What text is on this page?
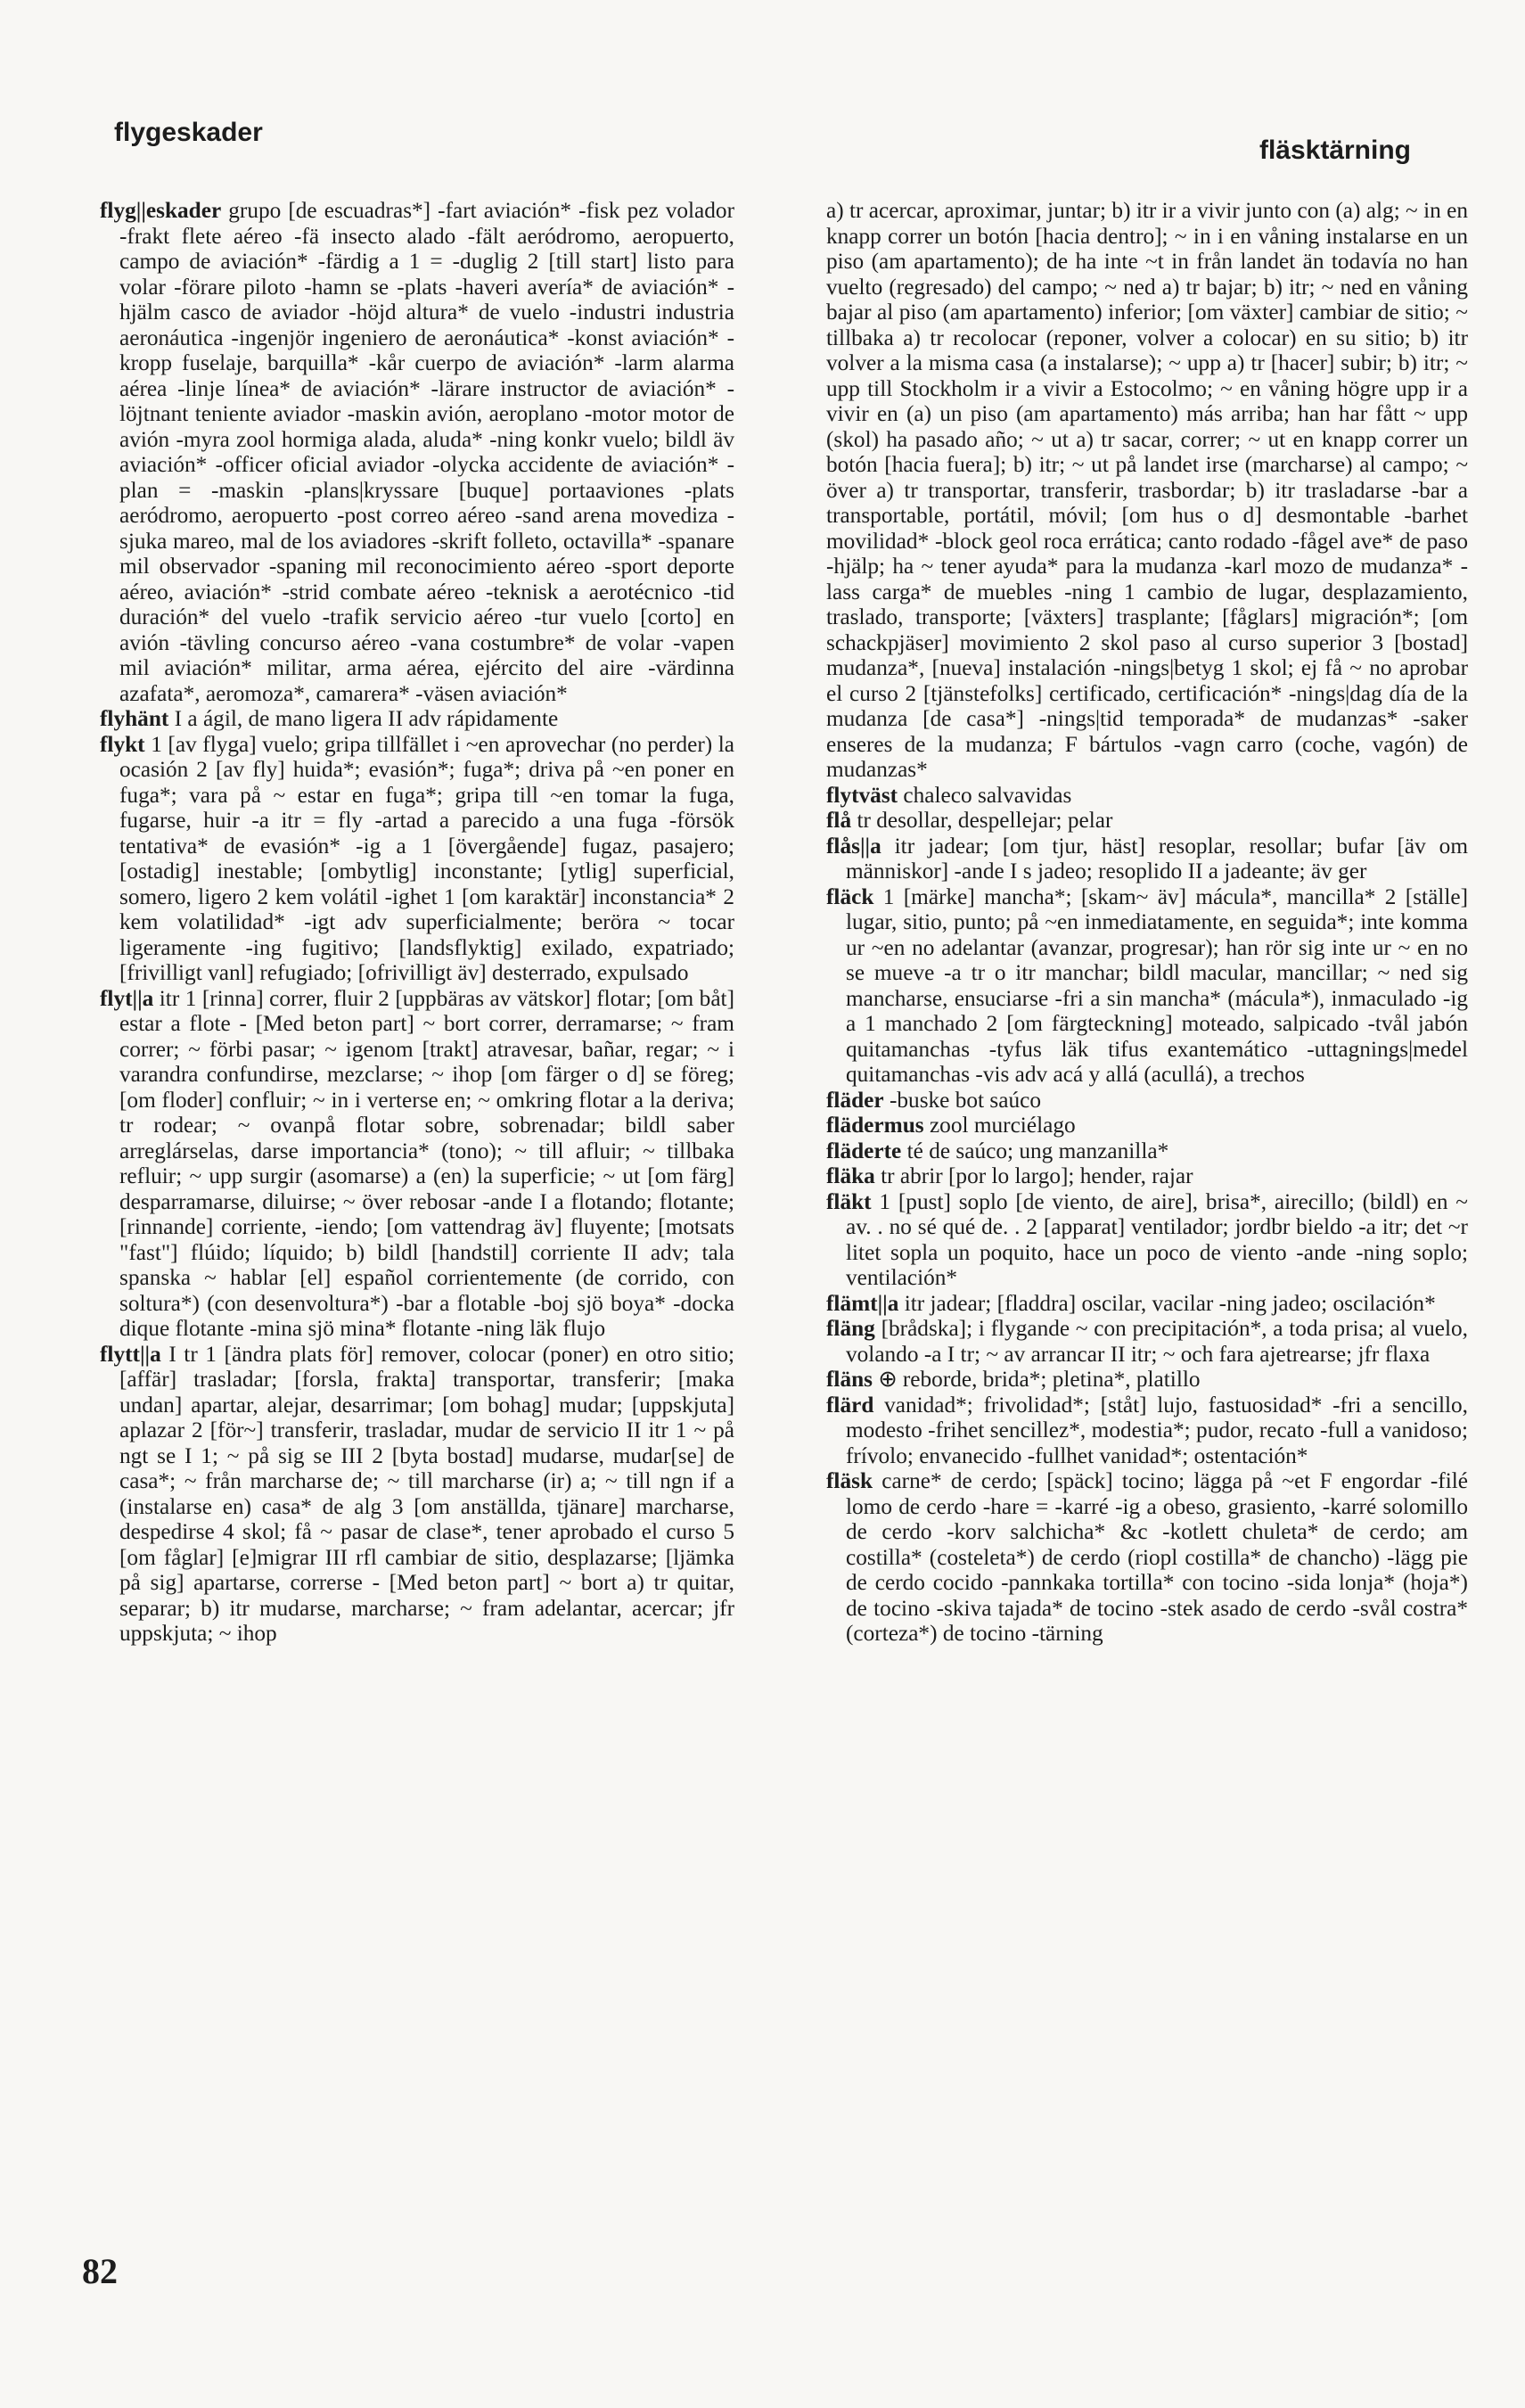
flygeskader
fläsktärning

flyg||eskader grupo [de escuadras*] -fart aviación* -fisk pez volador -frakt flete aéreo -fä insecto alado -fält aeródromo, aeropuerto, campo de aviación* -färdig a 1 = -duglig 2 [till start] listo para volar -förare piloto -hamn se -plats -haveri avería* de aviación* -hjälm casco de aviador -höjd altura* de vuelo -industri industria aeronáutica -ingenjör ingeniero de aeronáutica* -konst aviación* -kropp fuselaje, barquilla* -kår cuerpo de aviación* -larm alarma aérea -linje línea* de aviación* -lärare instructor de aviación* -löjtnant teniente aviador -maskin avión, aeroplano -motor motor de avión -myra zool hormiga alada, aluda* -ning konkr vuelo; bildl äv aviación* -officer oficial aviador -olycka accidente de aviación* -plan = -maskin -plans|kryssare [buque] portaaviones -plats aeródromo, aeropuerto -post correo aéreo -sand arena movediza -sjuka mareo, mal de los aviadores -skrift folleto, octavilla* -spanare mil observador -spaning mil reconocimiento aéreo -sport deporte aéreo, aviación* -strid combate aéreo -teknisk a aerotécnico -tid duración* del vuelo -trafik servicio aéreo -tur vuelo [corto] en avión -tävling concurso aéreo -vana costumbre* de volar -vapen mil aviación* militar, arma aérea, ejército del aire -värdinna azafata*, aeromoza*, camarera* -väsen aviación*

flyhänt I a ágil, de mano ligera II adv rápidamente

flykt 1 [av flyga] vuelo; gripa tillfället i ~en aprovechar (no perder) la ocasión 2 [av fly] huida*; evasión*; fuga*; driva på ~en poner en fuga*; vara på ~ estar en fuga*; gripa till ~en tomar la fuga, fugarse, huir -a itr = fly -artad a parecido a una fuga -försök tentativa* de evasión* -ig a 1 [övergående] fugaz, pasajero; [ostadig] inestable; [ombytlig] inconstante; [ytlig] superficial, somero, ligero 2 kem volátil -ighet 1 [om karaktär] inconstancia* 2 kem volatilidad* -igt adv superficialmente; beröra ~ tocar ligeramente -ing fugitivo; [landsflyktig] exilado, expatriado; [frivilligt vanl] refugiado; [ofrivilligt äv] desterrado, expulsado

flyt||a itr 1 [rinna] correr, fluir 2 [uppbäras av vätskor] flotar; [om båt] estar a flote - [Med beton part] ~ bort correr, derramarse; ~ fram correr; ~ förbi pasar; ~ igenom [trakt] atravesar, bañar, regar; ~ i varandra confundirse, mezclarse; ~ ihop [om färger o d] se föreg; [om floder] confluir; ~ in i verterse en; ~ omkring flotar a la deriva; tr rodear; ~ ovanpå flotar sobre, sobrenadar; bildl saber arreglárselas, darse importancia* (tono); ~ till afluir; ~ tillbaka refluir; ~ upp surgir (asomarse) a (en) la superficie; ~ ut [om färg] desparramarse, diluirse; ~ över rebosar -ande I a flotando; flotante; [rinnande] corriente, -iendo; [om vattendrag äv] fluyente; [motsats "fast"] flúido; líquido; b) bildl [handstil] corriente II adv; tala spanska ~ hablar [el] español corrientemente (de corrido, con soltura*) (con desenvoltura*) -bar a flotable -boj sjö boya* -docka dique flotante -mina sjö mina* flotante -ning läk flujo

flytt||a I tr 1 [ändra plats för] remover, colocar (poner) en otro sitio; [affär] trasladar; [forsla, frakta] transportar, transferir; [maka undan] apartar, alejar, desarrimar; [om bohag] mudar; [uppskjuta] aplazar 2 [för~] transferir, trasladar, mudar de servicio II itr 1 ~ på ngt se I 1; ~ på sig se III 2 [byta bostad] mudarse, mudar[se] de casa*; ~ från marcharse de; ~ till marcharse (ir) a; ~ till ngn if a (instalarse en) casa* de alg 3 [om anställda, tjänare] marcharse, despedirse 4 skol; få ~ pasar de clase*, tener aprobado el curso 5 [om fåglar] [e]migrar III rfl cambiar de sitio, desplazarse; [ljämka på sig] apartarse, correrse - [Med beton part] ~ bort a) tr quitar, separar; b) itr mudarse, marcharse; ~ fram adelantar, acercar; jfr uppskjuta; ~ ihop

a) tr acercar, aproximar, juntar; b) itr ir a vivir junto con (a) alg; ~ in en knapp correr un botón [hacia dentro]; ~ in i en våning instalarse en un piso (am apartamento); de ha inte ~t in från landet än todavía no han vuelto (regresado) del campo; ~ ned a) tr bajar; b) itr; ~ ned en våning bajar al piso (am apartamento) inferior; [om växter] cambiar de sitio; ~ tillbaka a) tr recolocar (reponer, volver a colocar) en su sitio; b) itr volver a la misma casa (a instalarse); ~ upp a) tr [hacer] subir; b) itr; ~ upp till Stockholm ir a vivir a Estocolmo; ~ en våning högre upp ir a vivir en (a) un piso (am apartamento) más arriba; han har fått ~ upp (skol) ha pasado año; ~ ut a) tr sacar, correr; ~ ut en knapp correr un botón [hacia fuera]; b) itr; ~ ut på landet irse (marcharse) al campo; ~ över a) tr transportar, transferir, trasbordar; b) itr trasladarse -bar a transportable, portátil, móvil; [om hus o d] desmontable -barhet movilidad* -block geol roca errática; canto rodado -fågel ave* de paso -hjälp; ha ~ tener ayuda* para la mudanza -karl mozo de mudanza* -lass carga* de muebles -ning 1 cambio de lugar, desplazamiento, traslado, transporte; [växters] trasplante; [fåglars] migración*; [om schackpjäser] movimiento 2 skol paso al curso superior 3 [bostad] mudanza*, [nueva] instalación -nings|betyg 1 skol; ej få ~ no aprobar el curso 2 [tjänstefolks] certificado, certificación* -nings|dag día de la mudanza [de casa*] -nings|tid temporada* de mudanzas* -saker enseres de la mudanza; F bártulos -vagn carro (coche, vagón) de mudanzas*

flytväst chaleco salvavidas

flå tr desollar, despellejar; pelar

flås||a itr jadear; [om tjur, häst] resoplar, resollar; bufar [äv om människor] -ande I s jadeo; resoplido II a jadeante; äv ger

fläck 1 [märke] mancha*; [skam~ äv] mácula*, mancilla* 2 [ställe] lugar, sitio, punto; på ~en inmediatamente, en seguida*; inte komma ur ~en no adelantar (avanzar, progresar); han rör sig inte ur ~ en no se mueve -a tr o itr manchar; bildl macular, mancillar; ~ ned sig mancharse, ensuciarse -fri a sin mancha* (mácula*), inmaculado -ig a 1 manchado 2 [om färgteckning] moteado, salpicado -tvål jabón quitamanchas -tyfus läk tifus exantemático -uttagnings|medel quitamanchas -vis adv acá y allá (acullá), a trechos

fläder -buske bot saúco

flädermus zool murciélago

fläderte té de saúco; ung manzanilla*

fläka tr abrir [por lo largo]; hender, rajar

fläkt 1 [pust] soplo [de viento, de aire], brisa*, airecillo; (bildl) en ~ av. . no sé qué de. . 2 [apparat] ventilador; jordbr bieldo -a itr; det ~r litet sopla un poquito, hace un poco de viento -ande -ning soplo; ventilación*

flämt||a itr jadear; [fladdra] oscilar, vacilar -ning jadeo; oscilación*

fläng [brådska]; i flygande ~ con precipitación*, a toda prisa; al vuelo, volando -a I tr; ~ av arrancar II itr; ~ och fara ajetrearse; jfr flaxa

fläns ⊕ reborde, brida*; pletina*, platillo

flärd vanidad*; frivolidad*; [ståt] lujo, fastuosidad* -fri a sencillo, modesto -frihet sencillez*, modestia*; pudor, recato -full a vanidoso; frívolo; envanecido -fullhet vanidad*; ostentación*

fläsk carne* de cerdo; [späck] tocino; lägga på ~et F engordar -filé lomo de cerdo -hare = -karré -ig a obeso, grasiento, -karré solomillo de cerdo -korv salchicha* &c -kotlett chuleta* de cerdo; am costilla* (costeleta*) de cerdo (riopl costilla* de chancho) -lägg pie de cerdo cocido -pannkaka tortilla* con tocino -sida lonja* (hoja*) de tocino -skiva tajada* de tocino -stek asado de cerdo -svål costra* (corteza*) de tocino -tärning

82
